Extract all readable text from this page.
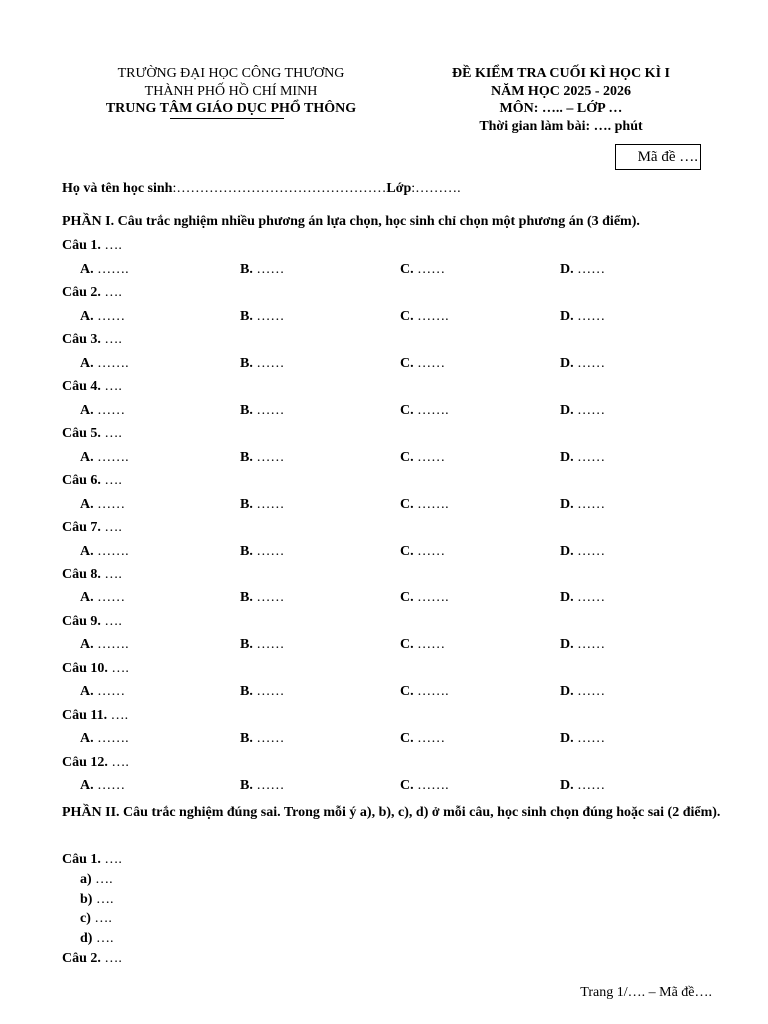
TRƯỜNG ĐẠI HỌC CÔNG THƯƠNG
THÀNH PHỐ HỒ CHÍ MINH
TRUNG TÂM GIÁO DỤC PHỔ THÔNG
ĐỀ KIỂM TRA CUỐI KÌ HỌC KÌ I
NĂM HỌC 2025 - 2026
MÔN: ….. – LỚP …
Thời gian làm bài: …. phút
Mã đề ….
Họ và tên học sinh:………………………………………Lớp:……….
PHẦN I. Câu trắc nghiệm nhiều phương án lựa chọn, học sinh chỉ chọn một phương án (3 điểm).
Câu 1. ….
A. …….	B. ……	C. ……	D. ……
Câu 2. ….
A. ……	B. ……	C. …….	D. ……
Câu 3. ….
A. …….	B. ……	C. ……	D. ……
Câu 4. ….
A. ……	B. ……	C. …….	D. ……
Câu 5. ….
A. …….	B. ……	C. ……	D. ……
Câu 6. ….
A. ……	B. ……	C. …….	D. ……
Câu 7. ….
A. …….	B. ……	C. ……	D. ……
Câu 8. ….
A. ……	B. ……	C. …….	D. ……
Câu 9. ….
A. …….	B. ……	C. ……	D. ……
Câu 10. ….
A. ……	B. ……	C. …….	D. ……
Câu 11. ….
A. …….	B. ……	C. ……	D. ……
Câu 12. ….
A. ……	B. ……	C. …….	D. ……
PHẦN II. Câu trắc nghiệm đúng sai. Trong mỗi ý a), b), c), d) ở mỗi câu, học sinh chọn đúng hoặc sai (2 điểm).
Câu 1. ….
a) ….
b) ….
c) ….
d) ….
Câu 2. ….
Trang 1/…. – Mã đề….
